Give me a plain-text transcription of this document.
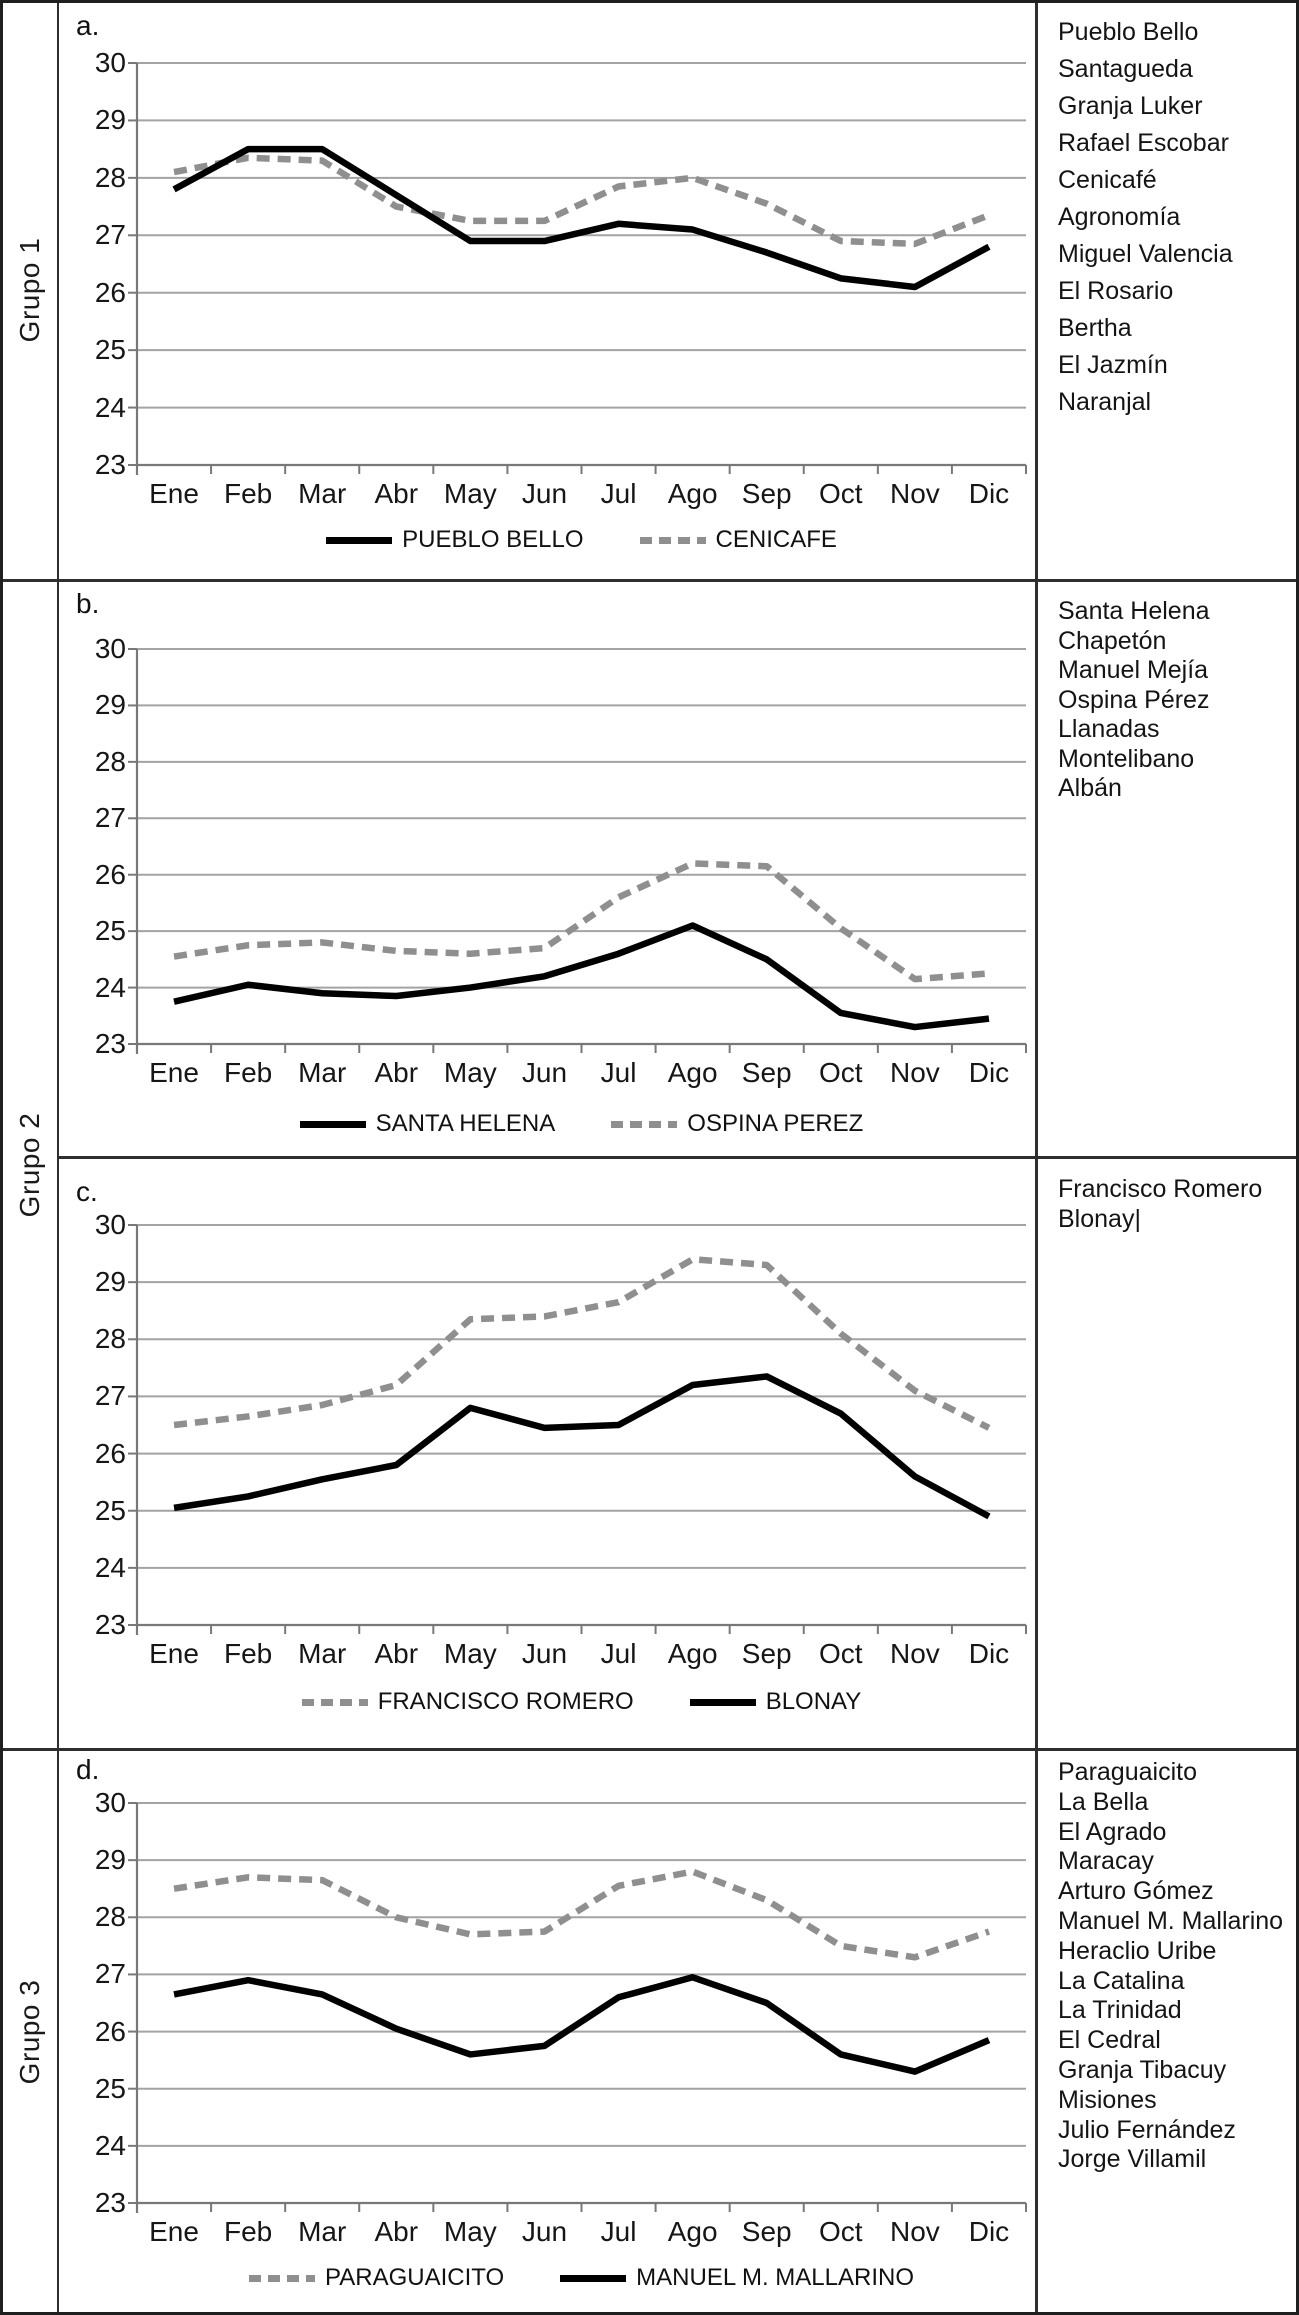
30
29
28
27
26
25
24
23
Ene Feb Mar	Abr May Jun	Jul	Ago Sep Oct Nov	Dic
PUEBLO BELLO	CENICAFE
Pueblo Bello
Santagueda
Granja Luker
Rafael Escobar
Cenicafé
Agronomía
Miguel Valencia
El Rosario
Bertha
El Jazmín
Naranjal
30
29
28
27
26
25
24
23
Ene Feb Mar	Abr May Jun	Jul	Ago Sep Oct Nov	Dic
SANTA HELENA	OSPINA PEREZ
Santa Helena
Chapetón
Manuel Mejía
Ospina Pérez
Llanadas
Montelibano
Albán
30
29
28
27
26
25
24
23
Ene Feb Mar	Abr May Jun	Jul	Ago Sep Oct Nov	Dic
FRANCISCO ROMERO	BLONAY
Francisco Romero
Blonay|
30
29
28
27
26
25
24
23
Ene Feb Mar	Abr May Jun	Jul	Ago Sep Oct Nov	Dic
PARAGUAICITO	MANUEL M. MALLARINO
Paraguaicito
La Bella
El Agrado
Maracay
Arturo Gómez
Manuel M. Mallarino
Heraclio Uribe
La Catalina
La Trinidad
El Cedral
Granja Tibacuy
Misiones
Julio Fernández
Jorge Villamil
Grupo 1
Grupo 2
Grupo 3
a.
b.
c.
d.
